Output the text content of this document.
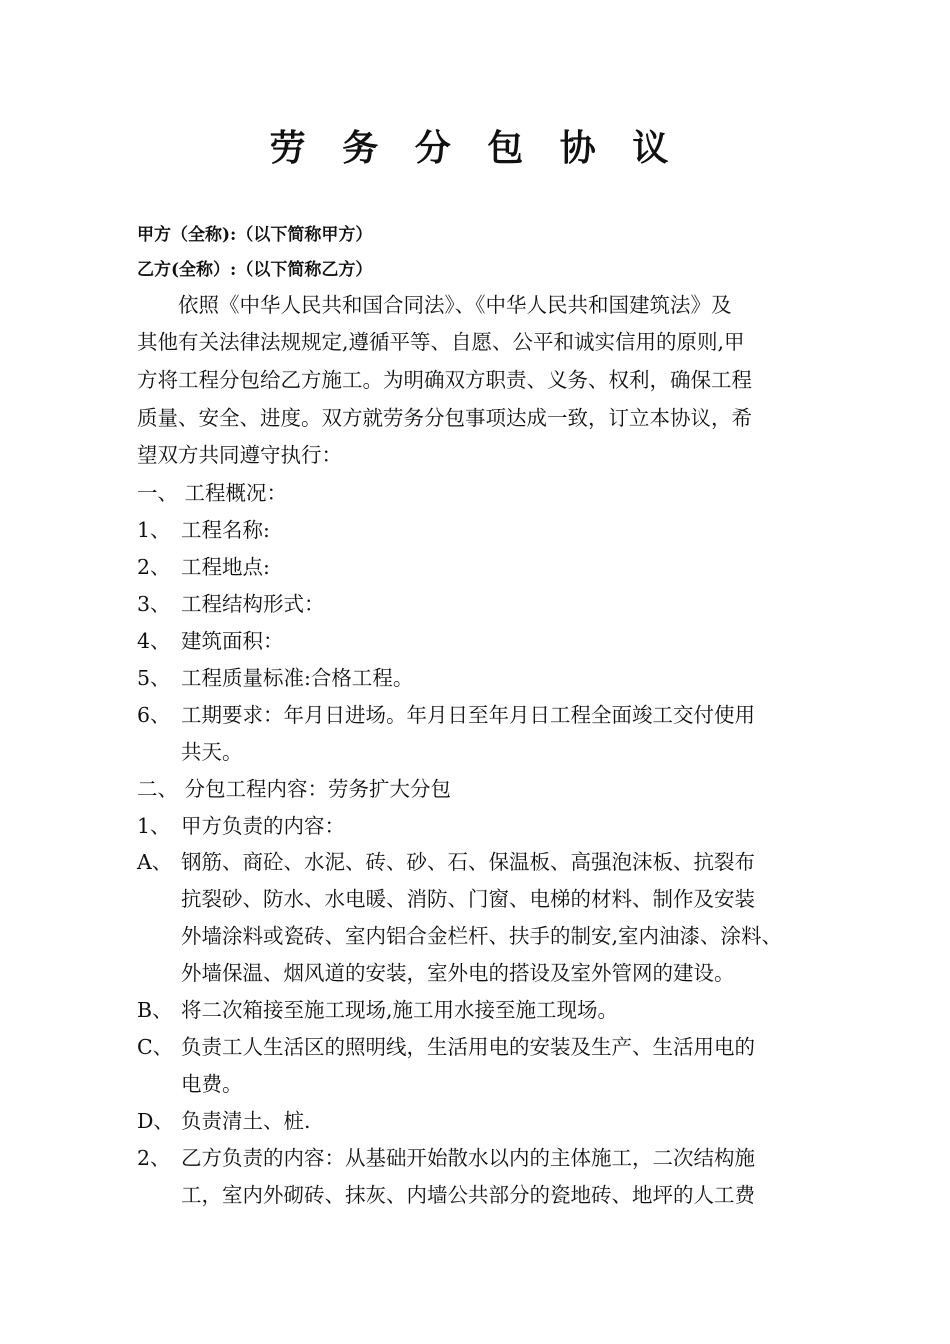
劳 务 分 包 协 议
甲方（全称):（以下简称甲方）
乙方(全称）:（以下简称乙方）
　　依照《中华人民共和国合同法》、《中华人民共和国建筑法》及
其他有关法律法规规定,遵循平等、自愿、公平和诚实信用的原则,甲
方将工程分包给乙方施工。为明确双方职责、义务、权利，确保工程
质量、安全、进度。双方就劳务分包事项达成一致，订立本协议，希
望双方共同遵守执行：
一、 工程概况：
1、 工程名称:
2、 工程地点:
3、 工程结构形式：
4、 建筑面积：
5、 工程质量标准:合格工程。
6、 工期要求：年月日进场。年月日至年月日工程全面竣工交付使用
共天。
二、 分包工程内容：劳务扩大分包
1、 甲方负责的内容：
A、 钢筋、商砼、水泥、砖、砂、石、保温板、高强泡沫板、抗裂布
抗裂砂、防水、水电暖、消防、门窗、电梯的材料、制作及安装
外墙涂料或瓷砖、室内铝合金栏杆、扶手的制安,室内油漆、涂料、
外墙保温、烟风道的安装，室外电的搭设及室外管网的建设。
B、 将二次箱接至施工现场,施工用水接至施工现场。
C、 负责工人生活区的照明线，生活用电的安装及生产、生活用电的
电费。
D、 负责清土、桩.
2、 乙方负责的内容：从基础开始散水以内的主体施工，二次结构施
工，室内外砌砖、抹灰、内墙公共部分的瓷地砖、地坪的人工费
